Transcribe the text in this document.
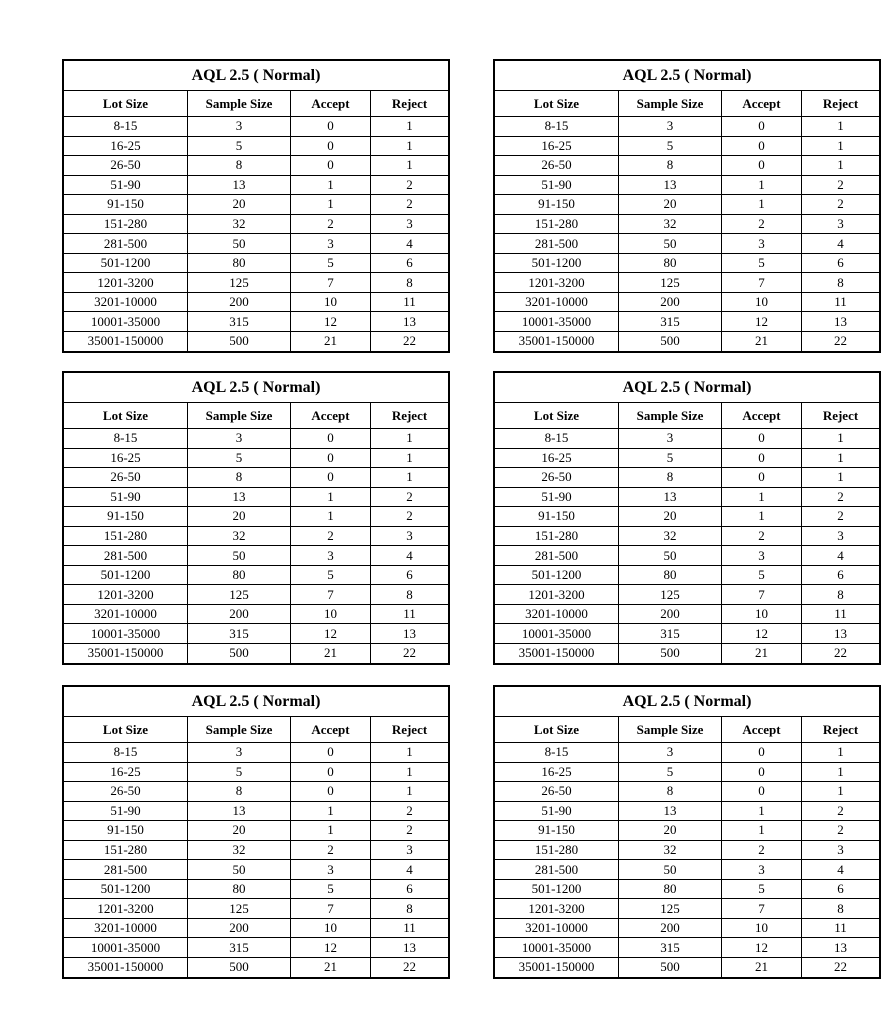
AQL 2.5 ( Normal)
Lot Size	Sample Size	Accept	Reject
8-15	3	0	1
16-25	5	0	1
26-50	8	0	1
51-90	13	1	2
91-150	20	1	2
151-280	32	2	3
281-500	50	3	4
501-1200	80	5	6
1201-3200	125	7	8
3201-10000	200	10	11
10001-35000	315	12	13
35001-150000	500	21	22
AQL 2.5 ( Normal)
Lot Size	Sample Size	Accept	Reject
8-15	3	0	1
16-25	5	0	1
26-50	8	0	1
51-90	13	1	2
91-150	20	1	2
151-280	32	2	3
281-500	50	3	4
501-1200	80	5	6
1201-3200	125	7	8
3201-10000	200	10	11
10001-35000	315	12	13
35001-150000	500	21	22
AQL 2.5 ( Normal)
Lot Size	Sample Size	Accept	Reject
8-15	3	0	1
16-25	5	0	1
26-50	8	0	1
51-90	13	1	2
91-150	20	1	2
151-280	32	2	3
281-500	50	3	4
501-1200	80	5	6
1201-3200	125	7	8
3201-10000	200	10	11
10001-35000	315	12	13
35001-150000	500	21	22
AQL 2.5 ( Normal)
Lot Size	Sample Size	Accept	Reject
8-15	3	0	1
16-25	5	0	1
26-50	8	0	1
51-90	13	1	2
91-150	20	1	2
151-280	32	2	3
281-500	50	3	4
501-1200	80	5	6
1201-3200	125	7	8
3201-10000	200	10	11
10001-35000	315	12	13
35001-150000	500	21	22
AQL 2.5 ( Normal)
Lot Size	Sample Size	Accept	Reject
8-15	3	0	1
16-25	5	0	1
26-50	8	0	1
51-90	13	1	2
91-150	20	1	2
151-280	32	2	3
281-500	50	3	4
501-1200	80	5	6
1201-3200	125	7	8
3201-10000	200	10	11
10001-35000	315	12	13
35001-150000	500	21	22
AQL 2.5 ( Normal)
Lot Size	Sample Size	Accept	Reject
8-15	3	0	1
16-25	5	0	1
26-50	8	0	1
51-90	13	1	2
91-150	20	1	2
151-280	32	2	3
281-500	50	3	4
501-1200	80	5	6
1201-3200	125	7	8
3201-10000	200	10	11
10001-35000	315	12	13
35001-150000	500	21	22
